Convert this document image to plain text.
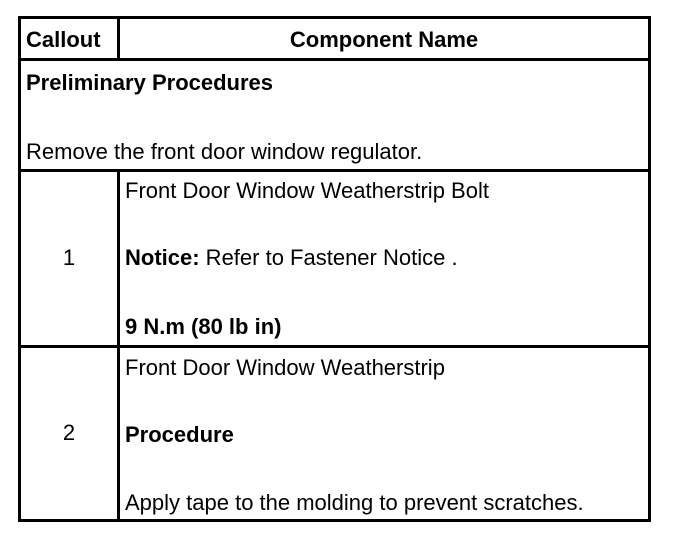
Callout	Component Name
Preliminary Procedures
Remove the front door window regulator.
1
Front Door Window Weatherstrip Bolt
Notice: Refer to Fastener Notice .
9 N.m (80 lb in)
2
Front Door Window Weatherstrip
Procedure
Apply tape to the molding to prevent scratches.
